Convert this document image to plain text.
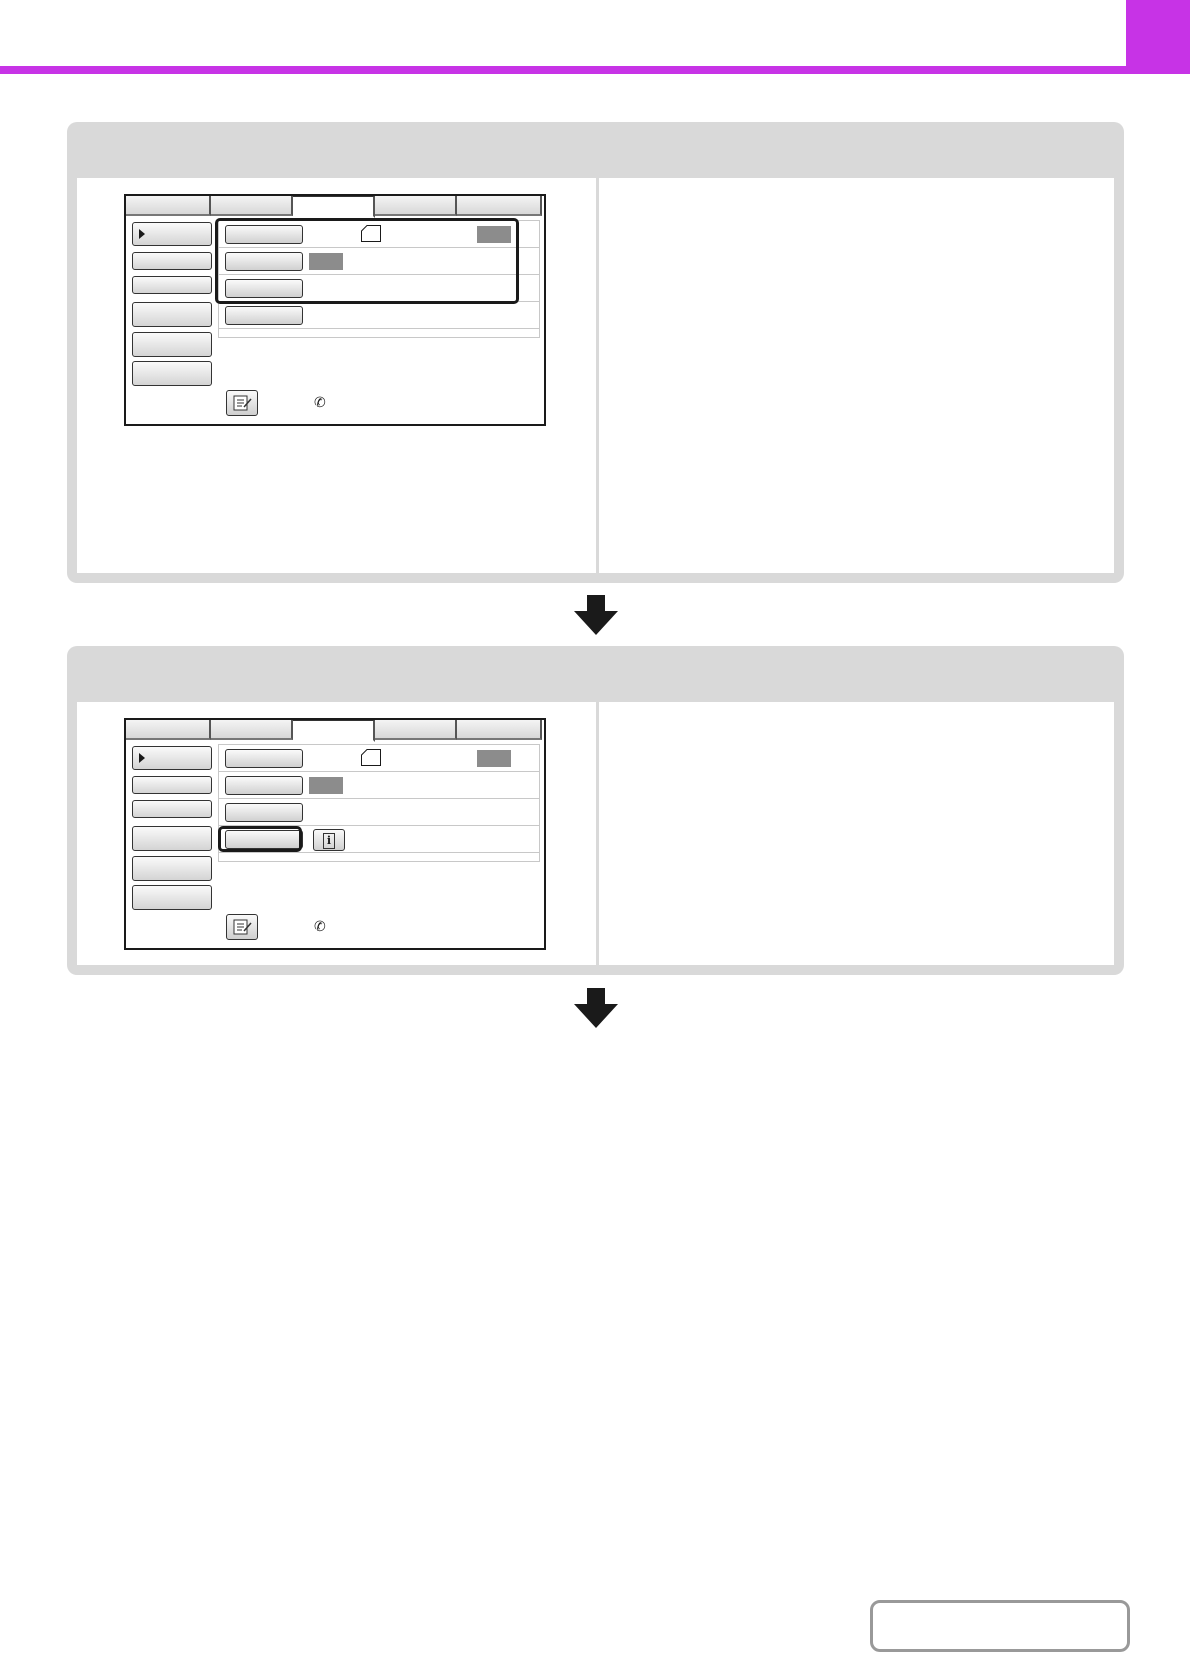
✆
i
✆
